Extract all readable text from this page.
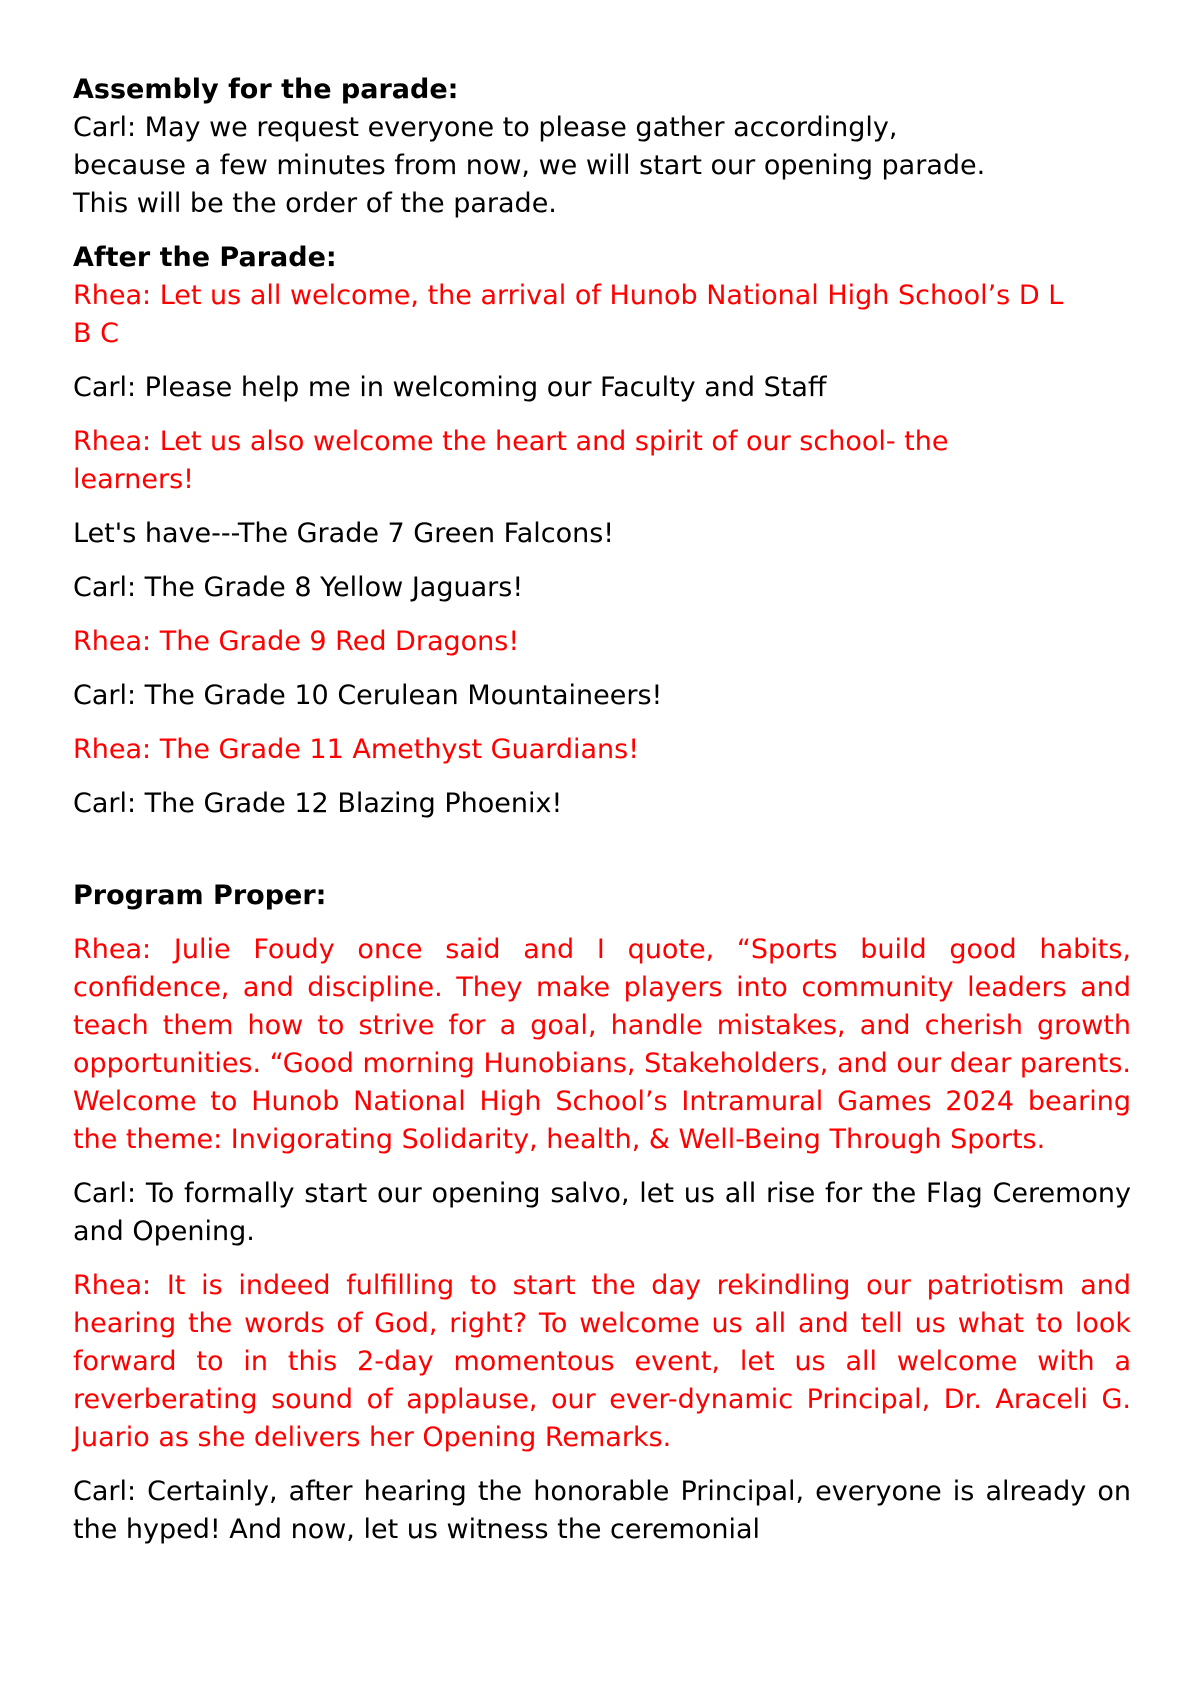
Assembly for the parade:

Carl: May we request everyone to please gather accordingly,
because a few minutes from now, we will start our opening parade.
This will be the order of the parade.

After the Parade:

Rhea: Let us all welcome, the arrival of Hunob National High School’s D L B C

Carl: Please help me in welcoming our Faculty and Staff

Rhea: Let us also welcome the heart and spirit of our school- the learners!

Let's have---The Grade 7 Green Falcons!

Carl: The Grade 8 Yellow Jaguars!

Rhea: The Grade 9 Red Dragons!

Carl: The Grade 10 Cerulean Mountaineers!

Rhea: The Grade 11 Amethyst Guardians!

Carl: The Grade 12 Blazing Phoenix!

Program Proper:

Rhea: Julie Foudy once said and I quote, “Sports build good habits, confidence, and discipline. They make players into community leaders and teach them how to strive for a goal, handle mistakes, and cherish growth opportunities. “Good morning Hunobians, Stakeholders, and our dear parents. Welcome to Hunob National High School’s Intramural Games 2024 bearing the theme: Invigorating Solidarity, health, & Well-Being Through Sports.

Carl: To formally start our opening salvo, let us all rise for the Flag Ceremony and Opening.

Rhea: It is indeed fulfilling to start the day rekindling our patriotism and hearing the words of God, right? To welcome us all and tell us what to look forward to in this 2-day momentous event, let us all welcome with a reverberating sound of applause, our ever-dynamic Principal, Dr. Araceli G. Juario as she delivers her Opening Remarks.

Carl: Certainly, after hearing the honorable Principal, everyone is already on the hyped! And now, let us witness the ceremonial
